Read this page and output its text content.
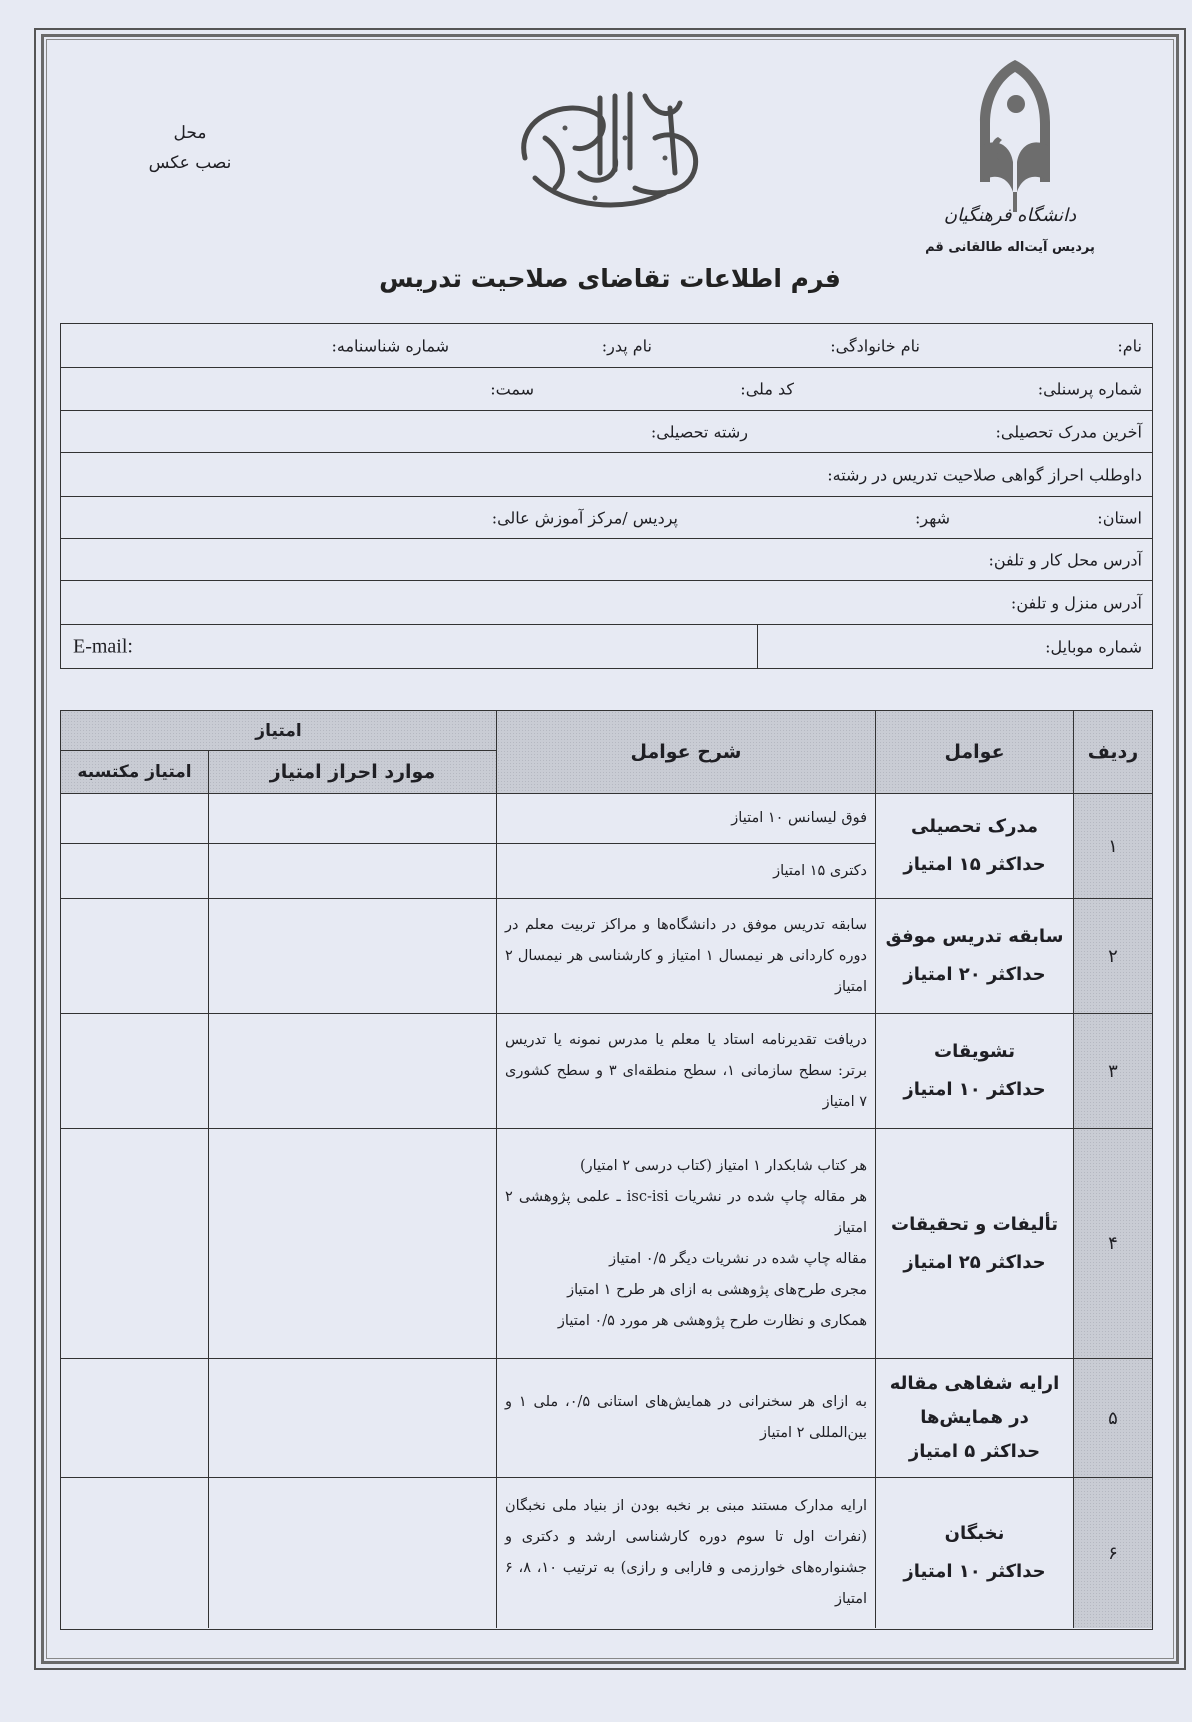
محل
نصب عکس
دانشگاه فرهنگیان
پردیس آیت‌اله طالقانی قم
فرم اطلاعات تقاضای صلاحیت تدریس
نام:
نام خانوادگی:
نام پدر:
شماره شناسنامه:
شماره پرسنلی:
کد ملی:
سمت:
آخرین مدرک تحصیلی:
رشته تحصیلی:
داوطلب احراز گواهی صلاحیت تدریس در رشته:
استان:
شهر:
پردیس /مرکز آموزش عالی:
آدرس محل کار و تلفن:
آدرس منزل و تلفن:
شماره موبایل:
E-mail:
ردیف
عوامل
شرح عوامل
امتیاز
موارد احراز امتیاز
امتیاز مکتسبه
۱
مدرک تحصیلی
حداکثر ۱۵ امتیاز
فوق لیسانس ۱۰ امتیاز
دکتری ۱۵ امتیاز
۲
سابقه تدریس موفق
حداکثر ۲۰ امتیاز
سابقه تدریس موفق در دانشگاه‌ها و مراکز تربیت معلم در دوره کاردانی هر نیمسال ۱ امتیاز و کارشناسی هر نیمسال ۲ امتیاز
۳
تشویقات
حداکثر ۱۰ امتیاز
دریافت تقدیرنامه استاد یا معلم یا مدرس نمونه یا تدریس برتر: سطح سازمانی ۱، سطح منطقه‌ای ۳ و سطح کشوری ۷ امتیاز
۴
تألیفات و تحقیقات
حداکثر ۲۵ امتیاز
هر کتاب شابکدار ۱ امتیاز (کتاب درسی ۲ امتیار)
هر مقاله چاپ شده در نشریات isc-isi ـ علمی پژوهشی ۲ امتیاز
مقاله چاپ شده در نشریات دیگر ۰/۵ امتیاز
مجری طرح‌های پژوهشی به ازای هر طرح ۱ امتیاز
همکاری و نظارت طرح پژوهشی هر مورد ۰/۵ امتیاز
۵
ارایه شفاهی مقاله
در همایش‌ها
حداکثر ۵ امتیاز
به ازای هر سخنرانی در همایش‌های استانی ۰/۵، ملی ۱ و بین‌المللی ۲ امتیاز
۶
نخبگان
حداکثر ۱۰ امتیاز
ارایه مدارک مستند مبنی بر نخبه بودن از بنیاد ملی نخبگان (نفرات اول تا سوم دوره کارشناسی ارشد و دکتری و جشنواره‌های خوارزمی و فارابی و رازی) به ترتیب ۱۰، ۸، ۶ امتیاز
